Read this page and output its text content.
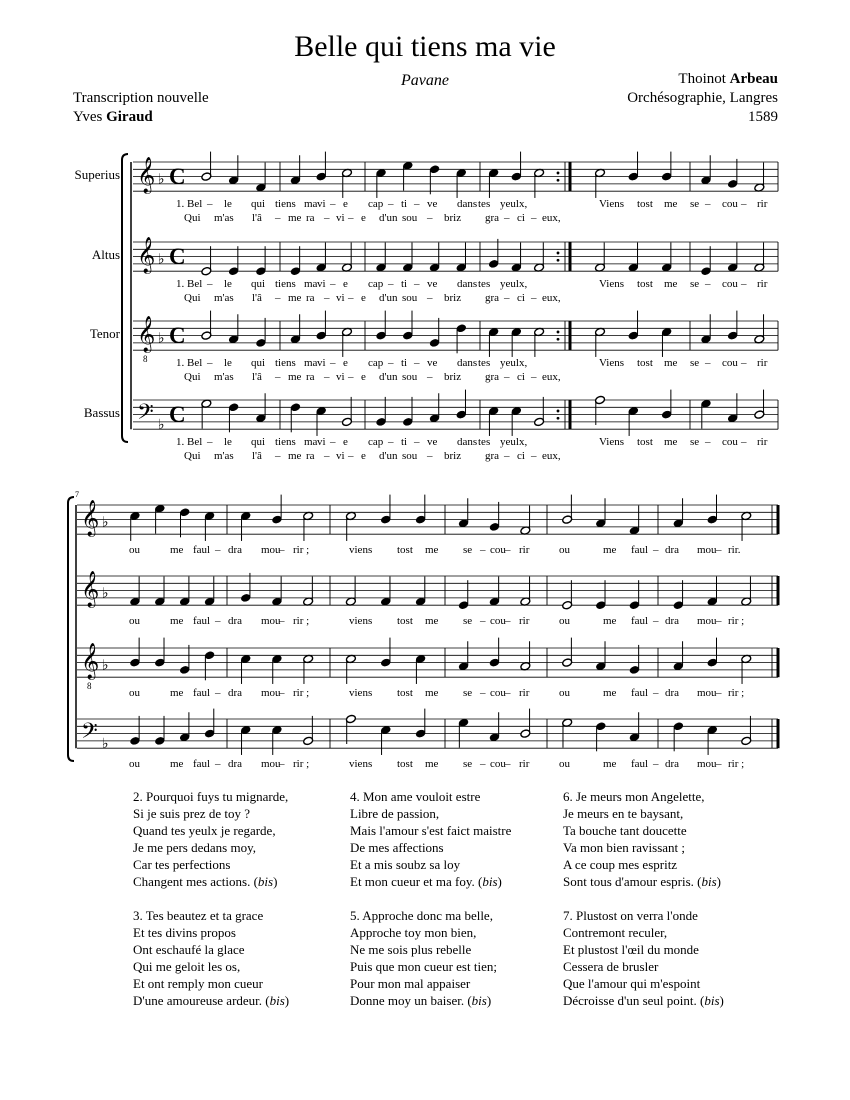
Belle qui tiens ma vie
Pavane
Transcription nouvelle
Yves Giraud
Thoinot Arbeau
Orchésographie, Langres
1589
Superius 𝄞 ♭ C
1. Bel – le qui tiens ma vi – e cap – ti – ve dans tes yeulx,	Viens tost me se – cou – rir
Qui m'as l'â – me ra – vi – e d'un sou – briz gra – ci – eux,
Altus 𝄞 ♭ C
1. Bel – le qui tiens ma vi – e cap – ti – ve dans tes yeulx,	Viens tost me se – cou – rir
Qui m'as l'â – me ra – vi – e d'un sou – briz gra – ci – eux,
Tenor 𝄞
8
♭ C
1. Bel – le qui tiens ma vi – e cap – ti – ve dans tes yeulx,	Viens tost me se – cou – rir
Qui m'as l'â – me ra – vi – e d'un sou – briz gra – ci – eux,
Bassus 𝄢 ♭ C
1. Bel – le qui tiens ma vi – e cap – ti – ve dans tes yeulx,	Viens tost me se – cou – rir
Qui m'as l'â – me ra – vi – e d'un sou – briz gra – ci – eux,
7
𝄞 ♭
ou	me faul – dra mou
– rir ;	viens tost me se – cou – rir	ou	me faul – dra mou – rir.
𝄞 ♭
ou	me faul – dra mou
– rir ;	viens tost me se – cou – rir	ou	me faul – dra mou – rir ;
𝄞
8
♭
ou	me faul – dra mou
– rir ;	viens tost me se – cou – rir	ou	me faul – dra mou – rir ;
𝄢 ♭
ou	me faul – dra mou
– rir ;	viens tost me se – cou – rir	ou	me faul – dra mou – rir ;
2. Pourquoi fuys tu mignarde,
Si je suis prez de toy ?
Quand tes yeulx je regarde,
Je me pers dedans moy,
Car tes perfections
Changent mes actions. (bis)
3. Tes beautez et ta grace
Et tes divins propos
Ont eschaufé la glace
Qui me geloit les os,
Et ont remply mon cueur
D'une amoureuse ardeur. (bis)
4. Mon ame vouloit estre
Libre de passion,
Mais l'amour s'est faict maistre
De mes affections
Et a mis soubz sa loy
Et mon cueur et ma foy. (bis)
5. Approche donc ma belle,
Approche toy mon bien,
Ne me sois plus rebelle
Puis que mon cueur est tien;
Pour mon mal appaiser
Donne moy un baiser. (bis)
6. Je meurs mon Angelette,
Je meurs en te baysant,
Ta bouche tant doucette
Va mon bien ravissant ;
A ce coup mes espritz
Sont tous d'amour espris. (bis)
7. Plustost on verra l'onde
Contremont reculer,
Et plustost l'œil du monde
Cessera de brusler
Que l'amour qui m'espoint
Décroisse d'un seul point. (bis)
